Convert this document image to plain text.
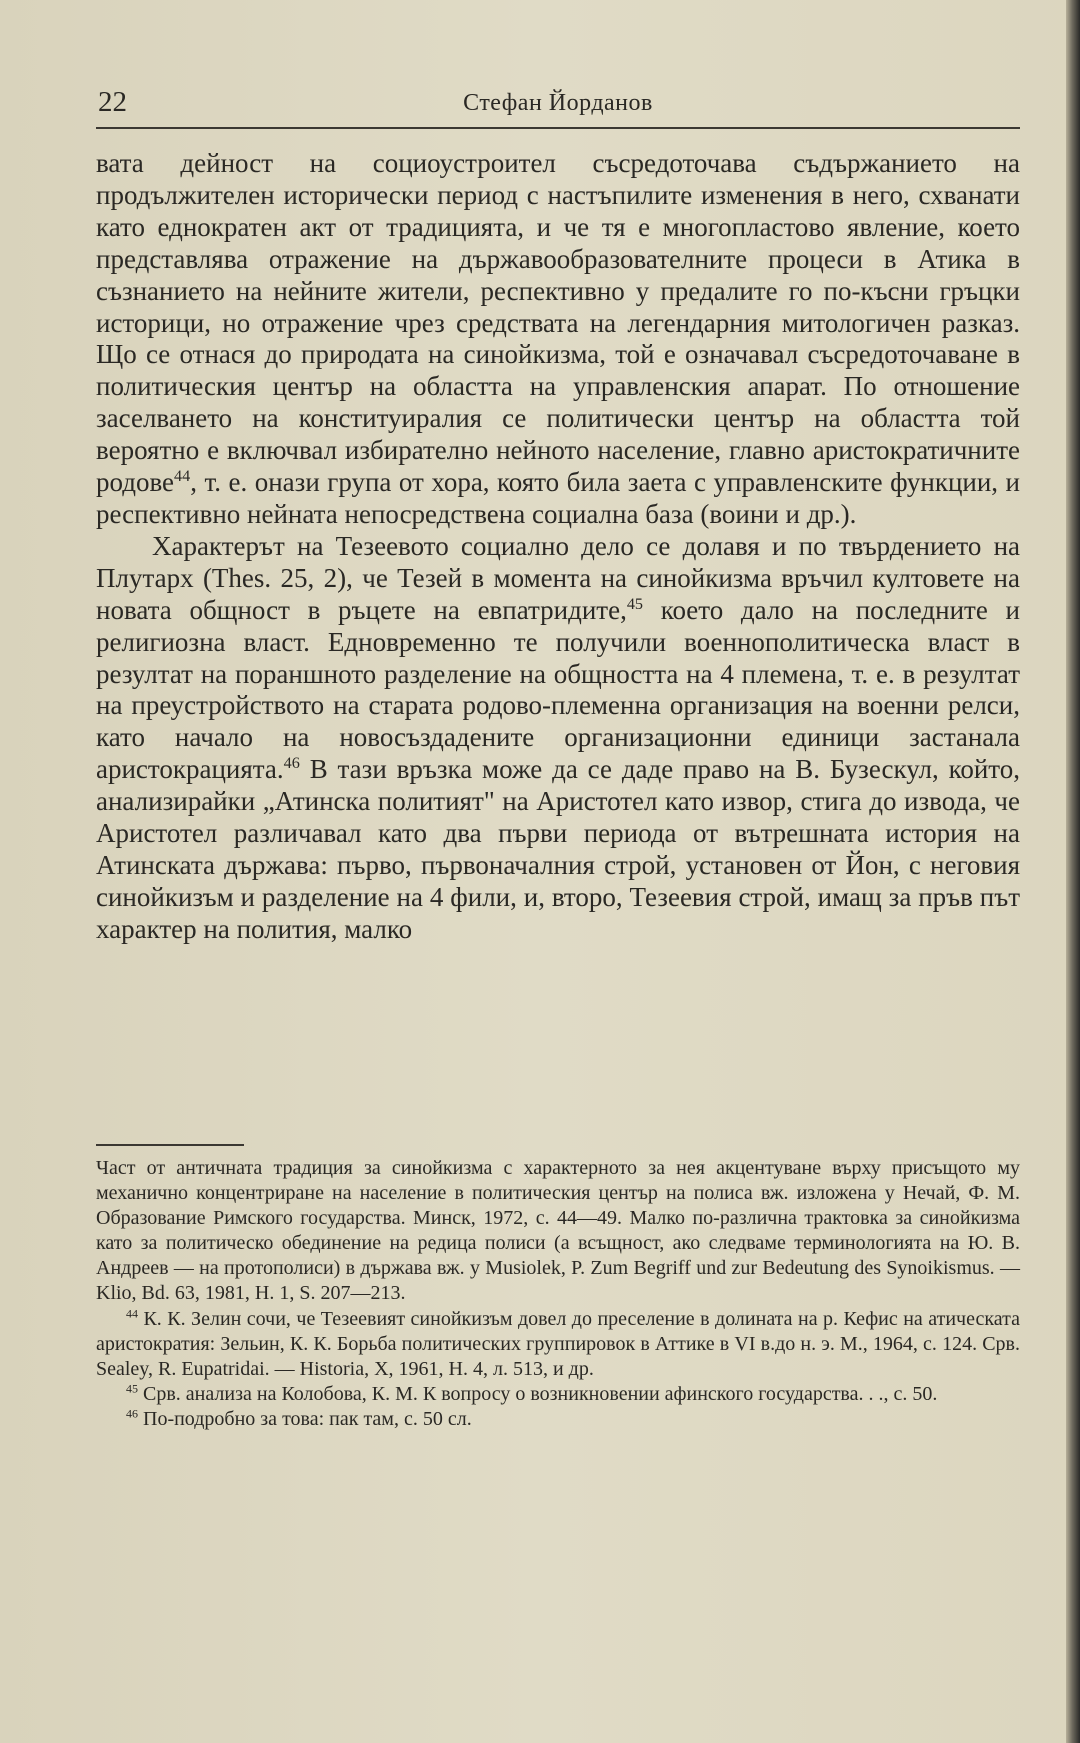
22	Стефан Йорданов

вата дейност на социоустроител съсредоточава съдържанието на продължителен исторически период с настъпилите изменения в него, схванати като еднократен акт от традицията, и че тя е многопластово явление, което представлява отражение на държавообразователните процеси в Атика в съзнанието на нейните жители, респективно у предалите го по-късни гръцки историци, но отражение чрез средствата на легендарния митологичен разказ. Що се отнася до природата на синойкизма, той е означавал съсредоточаване в политическия център на областта на управленския апарат. По отношение заселването на конституиралия се политически център на областта той вероятно е включвал избирателно нейното население, главно аристократичните родове$^{44}$, т. е. онази група от хора, която била заета с управленските функции, и респективно нейната непосредствена социална база (воини и др.).

Характерът на Тезеевото социално дело се долавя и по твърдението на Плутарх (Thes. 25, 2), че Тезей в момента на синойкизма връчил култовете на новата общност в ръцете на евпатридите,$^{45}$ което дало на последните и религиозна власт. Едновременно те получили военнополитическа власт в резултат на пораншното разделение на общността на 4 племена, т. е. в резултат на преустройството на старата родово-племенна организация на военни релси, като начало на новосъздадените организационни единици застанала аристокрацията.$^{46}$ В тази връзка може да се даде право на В. Бузескул, който, анализирайки „Атинска политият" на Аристотел като извор, стига до извода, че Аристотел различавал като два първи периода от вътрешната история на Атинската държава: първо, първоначалния строй, установен от Йон, с неговия синойкизъм и разделение на 4 фили, и, второ, Тезеевия строй, имащ за пръв път характер на полития, малко

Част от античната традиция за синойкизма с характерното за нея акцентуване върху присъщото му механично концентриране на население в политическия център на полиса вж. изложена у Нечай, Ф. М. Образование Римского государства. Минск, 1972, с. 44—49. Малко по-различна трактовка за синойкизма като за политическо обединение на редица полиси (а всъщност, ако следваме терминологията на Ю. В. Андреев — на протополиси) в държава вж. у Musiolek, P. Zum Begriff und zur Bedeutung des Synoikismus. — Klio, Bd. 63, 1981, H. 1, S. 207—213.

$^{44}$ К. К. Зелин сочи, че Тезеевият синойкизъм довел до преселение в долината на р. Кефис на атическата аристократия: Зельин, К. К. Борьба политических группировок в Аттике в VI в.до н. э. М., 1964, с. 124. Срв. Sealey, R. Eupatridai. — Historia, X, 1961, H. 4, л. 513, и др.

$^{45}$ Срв. анализа на Колобова, К. М. К вопросу о возникновении афинского государства. . ., с. 50.

$^{46}$ По-подробно за това: пак там, с. 50 сл.
